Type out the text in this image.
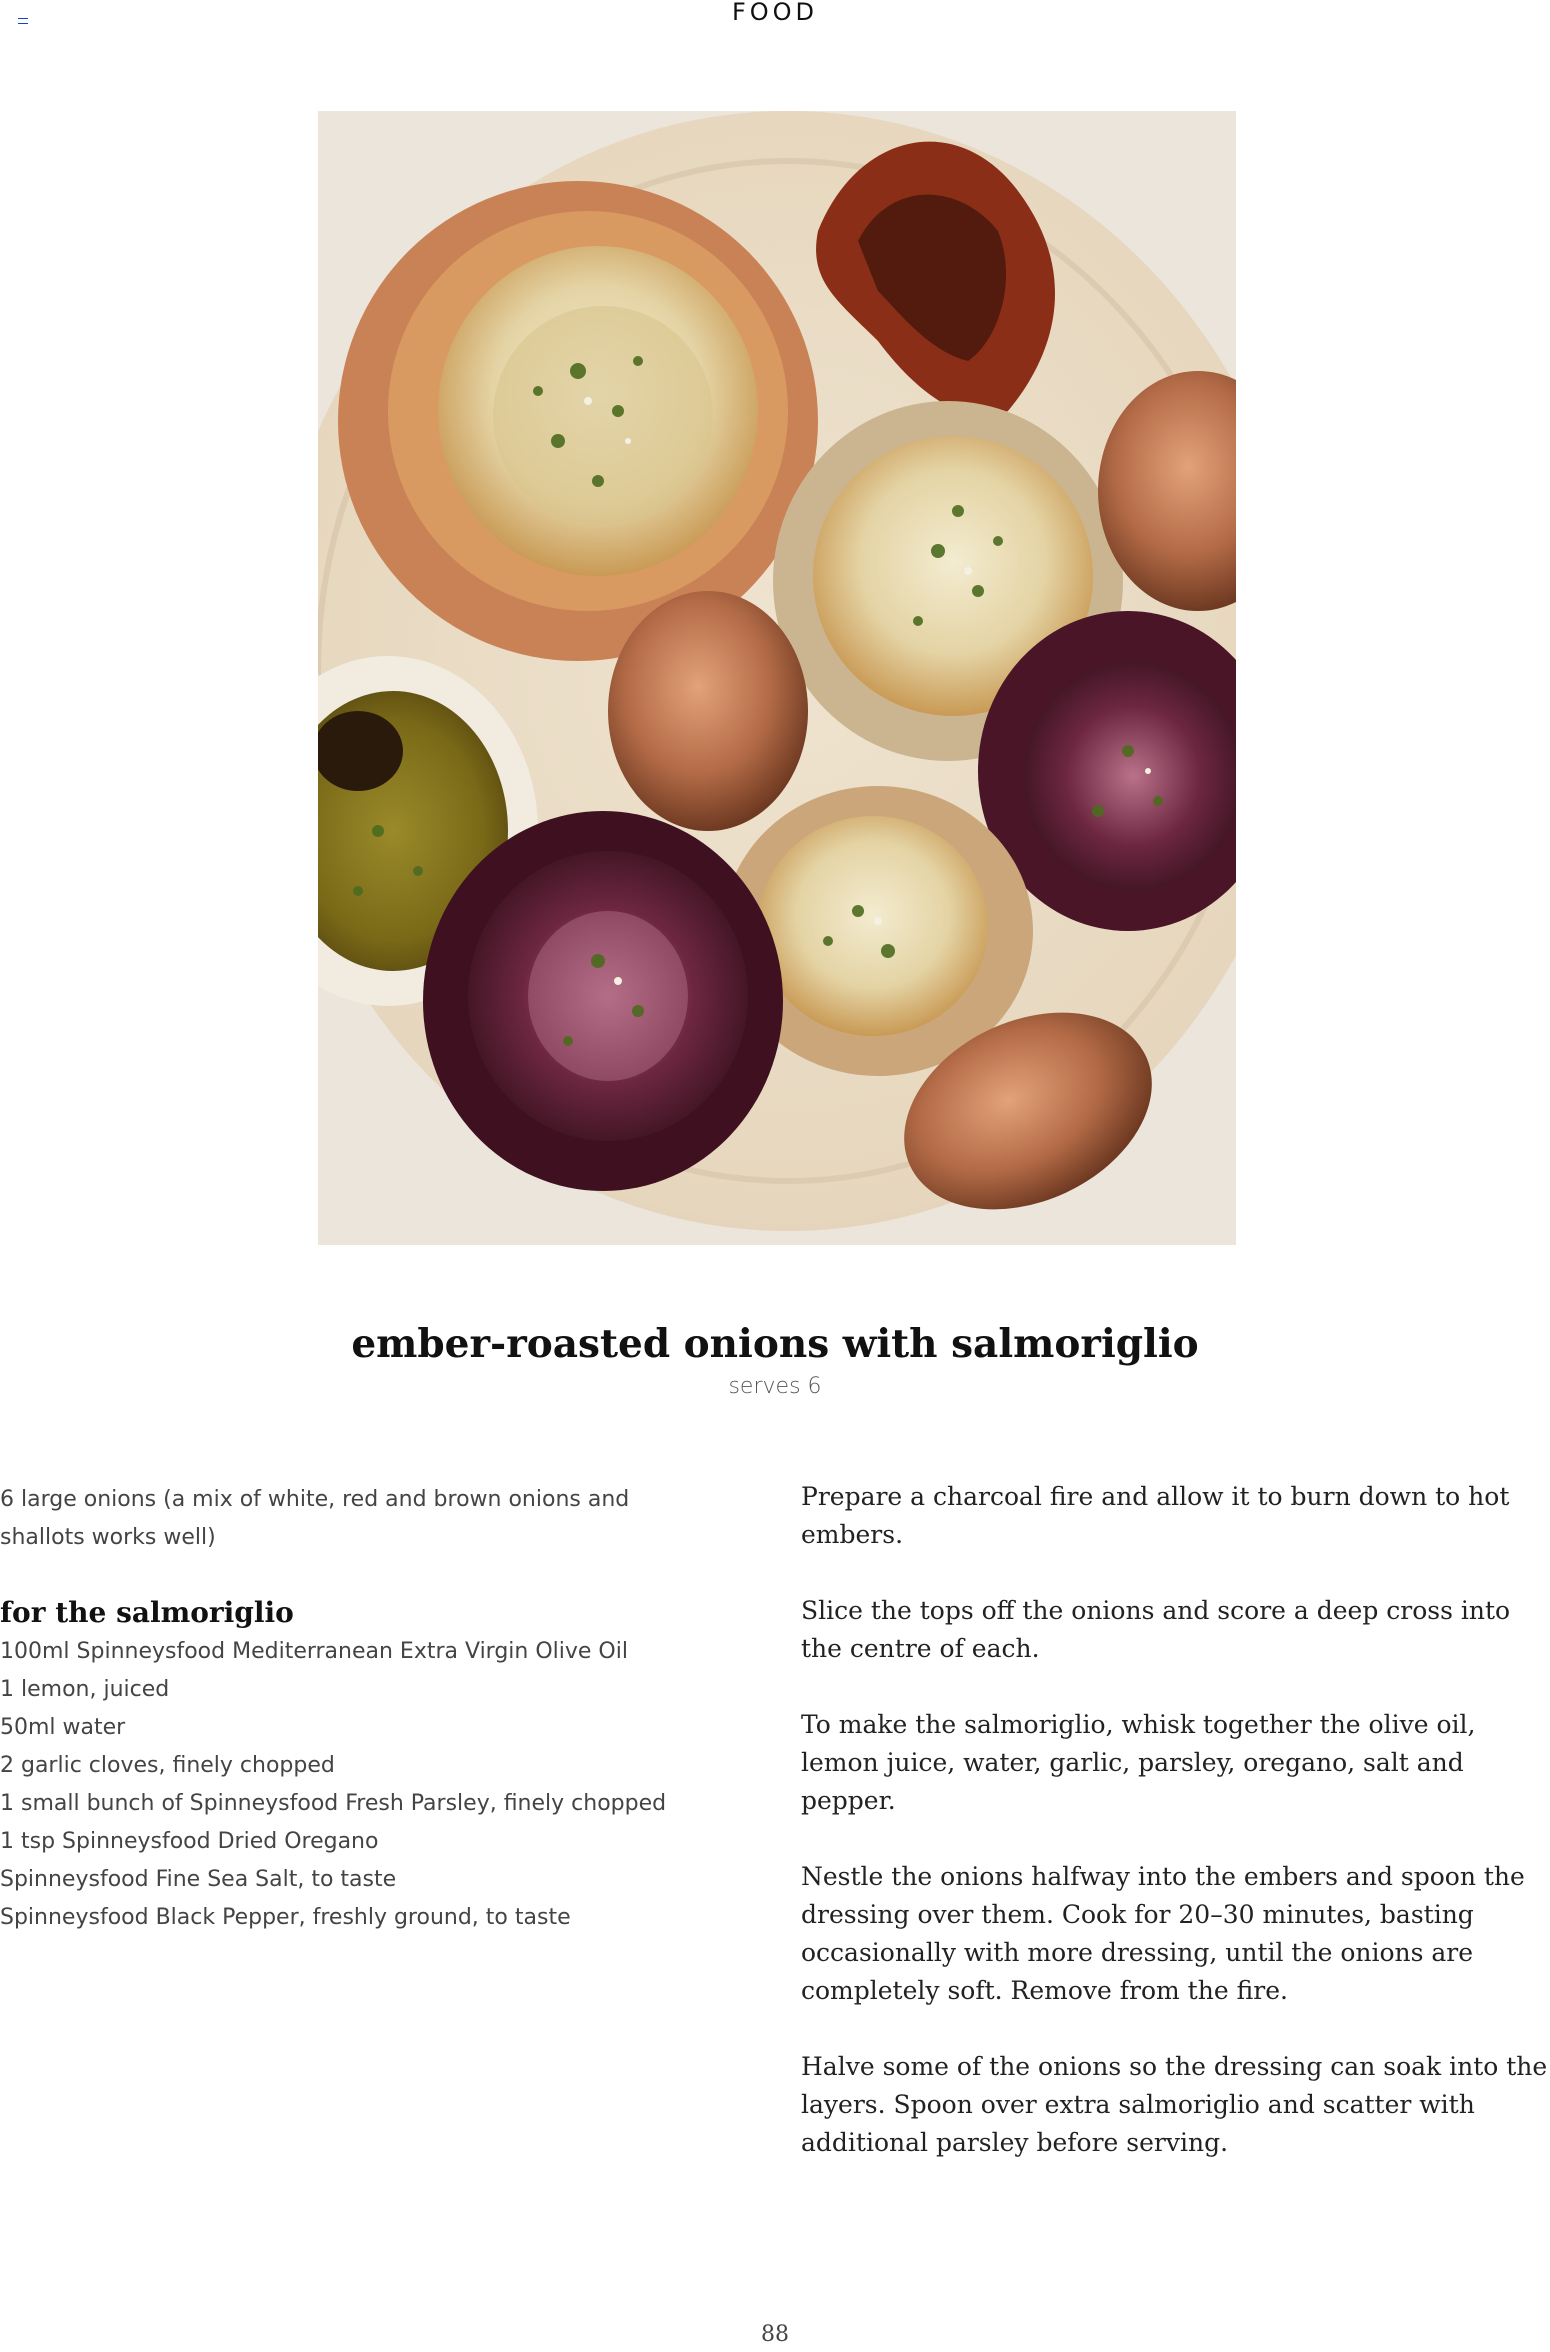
FOOD
ember-roasted onions with salmoriglio
serves 6

6 large onions (a mix of white, red and brown onions and shallots works well)

for the salmoriglio

100ml Spinneysfood Mediterranean Extra Virgin Olive Oil
1 lemon, juiced
50ml water
2 garlic cloves, finely chopped
1 small bunch of Spinneysfood Fresh Parsley, finely chopped
1 tsp Spinneysfood Dried Oregano
Spinneysfood Fine Sea Salt, to taste
Spinneysfood Black Pepper, freshly ground, to taste

Prepare a charcoal fire and allow it to burn down to hot embers.

Slice the tops off the onions and score a deep cross into the centre of each.

To make the salmoriglio, whisk together the olive oil, lemon juice, water, garlic, parsley, oregano, salt and pepper.

Nestle the onions halfway into the embers and spoon the dressing over them. Cook for 20–30 minutes, basting occasionally with more dressing, until the onions are completely soft. Remove from the fire.

Halve some of the onions so the dressing can soak into the layers. Spoon over extra salmoriglio and scatter with additional parsley before serving.

88
